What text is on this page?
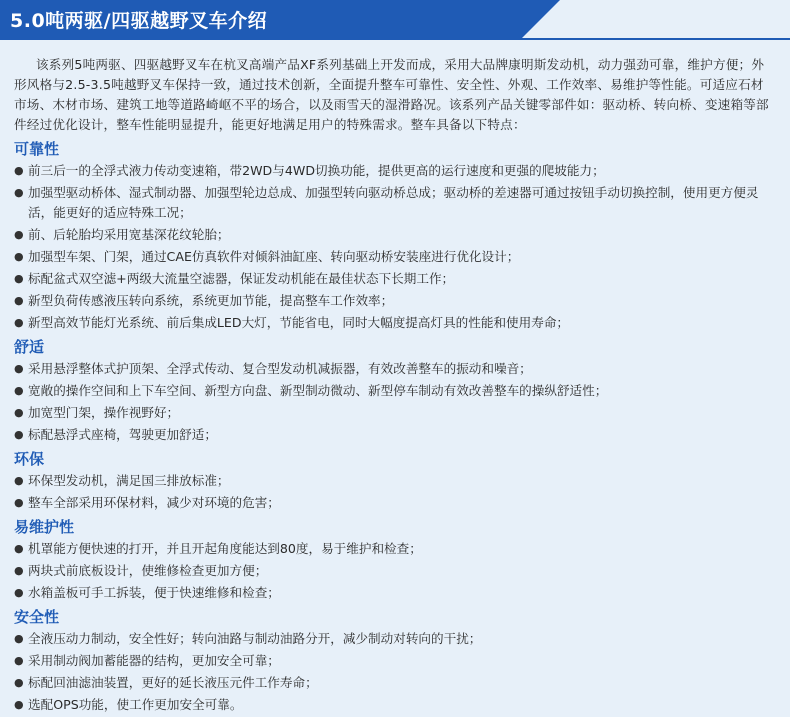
5.0吨两驱/四驱越野叉车介绍

该系列5吨两驱、四驱越野叉车在杭叉高端产品XF系列基础上开发而成，采用大品牌康明斯发动机，动力强劲可靠，维护方便；外形风格与2.5-3.5吨越野叉车保持一致，通过技术创新，全面提升整车可靠性、安全性、外观、工作效率、易维护等性能。可适应石材市场、木材市场、建筑工地等道路崎岖不平的场合，以及雨雪天的湿滑路况。该系列产品关键零部件如：驱动桥、转向桥、变速箱等部件经过优化设计，整车性能明显提升，能更好地满足用户的特殊需求。整车具备以下特点：

可靠性
● 前三后一的全浮式液力传动变速箱，带2WD与4WD切换功能，提供更高的运行速度和更强的爬坡能力；
● 加强型驱动桥体、湿式制动器、加强型轮边总成、加强型转向驱动桥总成；驱动桥的差速器可通过按钮手动切换控制，使用更方便灵活，能更好的适应特殊工况；
● 前、后轮胎均采用宽基深花纹轮胎；
● 加强型车架、门架，通过CAE仿真软件对倾斜油缸座、转向驱动桥安装座进行优化设计；
● 标配盆式双空滤+两级大流量空滤器，保证发动机能在最佳状态下长期工作；
● 新型负荷传感液压转向系统，系统更加节能，提高整车工作效率；
● 新型高效节能灯光系统、前后集成LED大灯，节能省电，同时大幅度提高灯具的性能和使用寿命；
舒适
● 采用悬浮整体式护顶架、全浮式传动、复合型发动机减振器，有效改善整车的振动和噪音；
● 宽敞的操作空间和上下车空间、新型方向盘、新型制动微动、新型停车制动有效改善整车的操纵舒适性；
● 加宽型门架，操作视野好；
● 标配悬浮式座椅，驾驶更加舒适；
环保
● 环保型发动机，满足国三排放标准；
● 整车全部采用环保材料，减少对环境的危害；
易维护性
● 机罩能方便快速的打开，并且开起角度能达到80度，易于维护和检查；
● 两块式前底板设计，使维修检查更加方便；
● 水箱盖板可手工拆装，便于快速维修和检查；
安全性
● 全液压动力制动，安全性好；转向油路与制动油路分开，减少制动对转向的干扰；
● 采用制动阀加蓄能器的结构，更加安全可靠；
● 标配回油滤油装置，更好的延长液压元件工作寿命；
● 选配OPS功能，使工作更加安全可靠。
